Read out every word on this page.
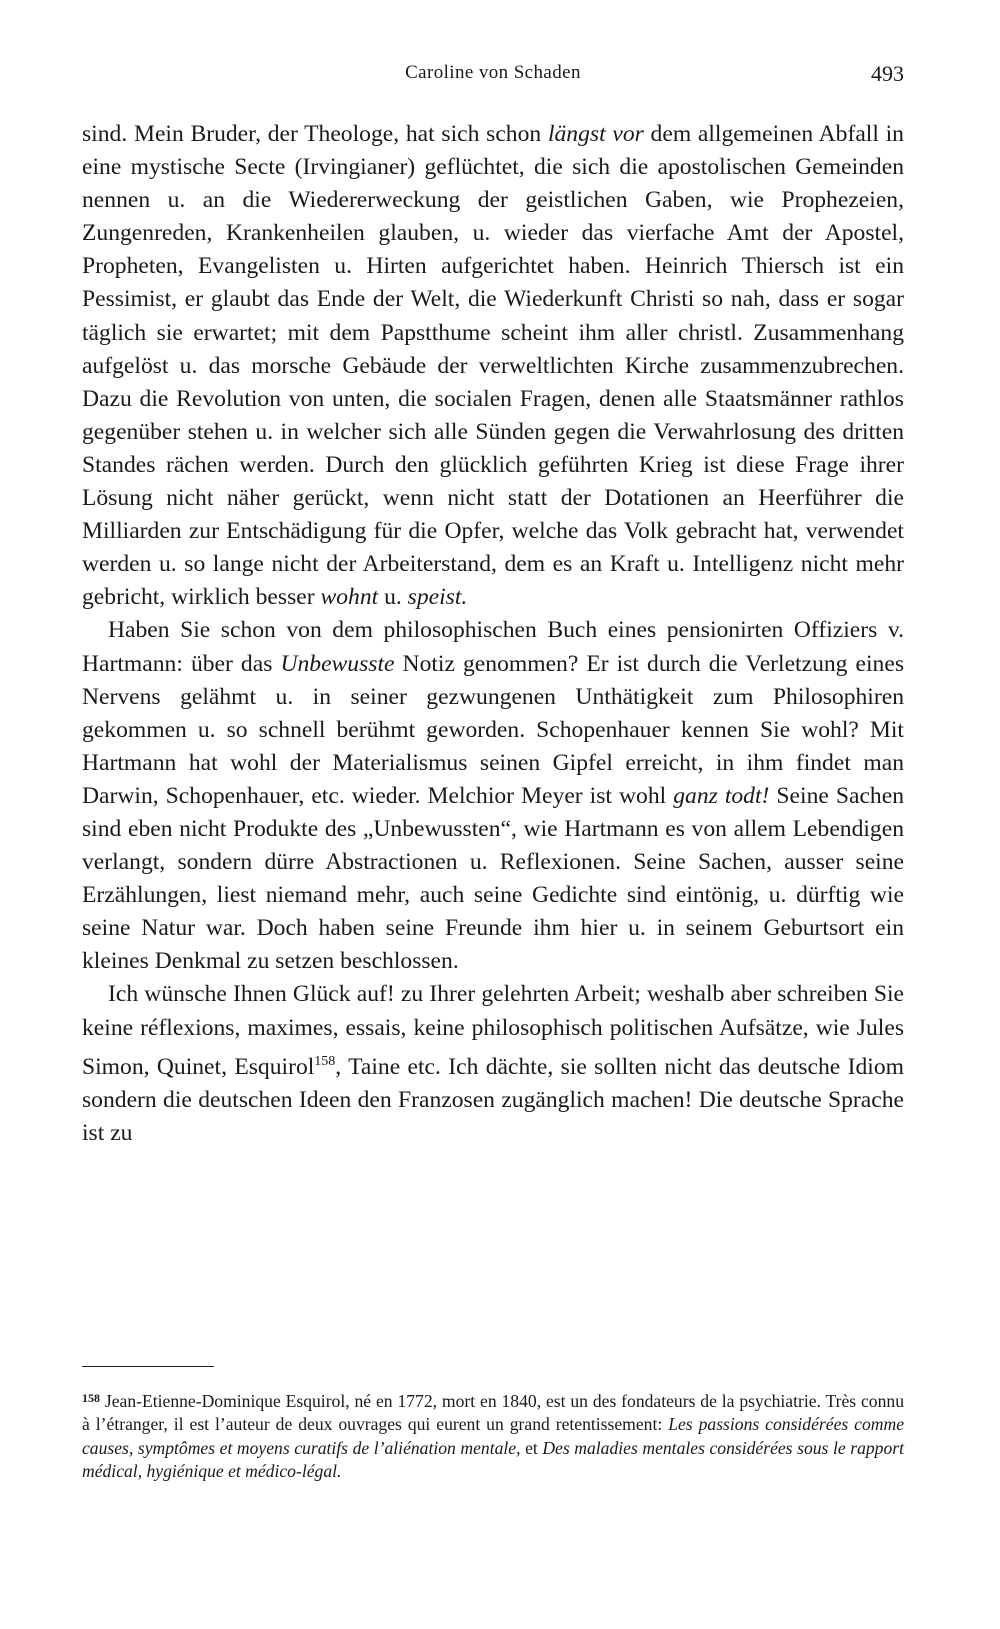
Caroline von Schaden	493

sind. Mein Bruder, der Theologe, hat sich schon längst vor dem allgemeinen Abfall in eine mystische Secte (Irvingianer) geflüchtet, die sich die apostolischen Gemeinden nennen u. an die Wiedererweckung der geistlichen Gaben, wie Prophezeien, Zungenreden, Krankenheilen glauben, u. wieder das vierfache Amt der Apostel, Propheten, Evangelisten u. Hirten aufgerichtet haben. Heinrich Thiersch ist ein Pessimist, er glaubt das Ende der Welt, die Wiederkunft Christi so nah, dass er sogar täglich sie erwartet; mit dem Papstthume scheint ihm aller christl. Zusammenhang aufgelöst u. das morsche Gebäude der verweltlichten Kirche zusammenzubrechen. Dazu die Revolution von unten, die socialen Fragen, denen alle Staatsmänner rathlos gegenüber stehen u. in welcher sich alle Sünden gegen die Verwahrlosung des dritten Standes rächen werden. Durch den glücklich geführten Krieg ist diese Frage ihrer Lösung nicht näher gerückt, wenn nicht statt der Dotationen an Heerführer die Milliarden zur Entschädigung für die Opfer, welche das Volk gebracht hat, verwendet werden u. so lange nicht der Arbeiterstand, dem es an Kraft u. Intelligenz nicht mehr gebricht, wirklich besser wohnt u. speist.

Haben Sie schon von dem philosophischen Buch eines pensionirten Offiziers v. Hartmann: über das Unbewusste Notiz genommen? Er ist durch die Verletzung eines Nervens gelähmt u. in seiner gezwungenen Unthätigkeit zum Philosophiren gekommen u. so schnell berühmt geworden. Schopenhauer kennen Sie wohl? Mit Hartmann hat wohl der Materialismus seinen Gipfel erreicht, in ihm findet man Darwin, Schopenhauer, etc. wieder. Melchior Meyer ist wohl ganz todt! Seine Sachen sind eben nicht Produkte des „Unbewussten“, wie Hartmann es von allem Lebendigen verlangt, sondern dürre Abstractionen u. Reflexionen. Seine Sachen, ausser seine Erzählungen, liest niemand mehr, auch seine Gedichte sind eintönig, u. dürftig wie seine Natur war. Doch haben seine Freunde ihm hier u. in seinem Geburtsort ein kleines Denkmal zu setzen beschlossen.

Ich wünsche Ihnen Glück auf! zu Ihrer gelehrten Arbeit; weshalb aber schreiben Sie keine réflexions, maximes, essais, keine philosophisch politischen Aufsätze, wie Jules Simon, Quinet, Esquirol$^{158}$, Taine etc. Ich dächte, sie sollten nicht das deutsche Idiom sondern die deutschen Ideen den Franzosen zugänglich machen! Die deutsche Sprache ist zu

$^{158}$ Jean-Etienne-Dominique Esquirol, né en 1772, mort en 1840, est un des fondateurs de la psychiatrie. Très connu à l’étranger, il est l’auteur de deux ouvrages qui eurent un grand retentissement: Les passions considérées comme causes, symptômes et moyens curatifs de l’aliénation mentale, et Des maladies mentales considérées sous le rapport médical, hygiénique et médico-légal.
